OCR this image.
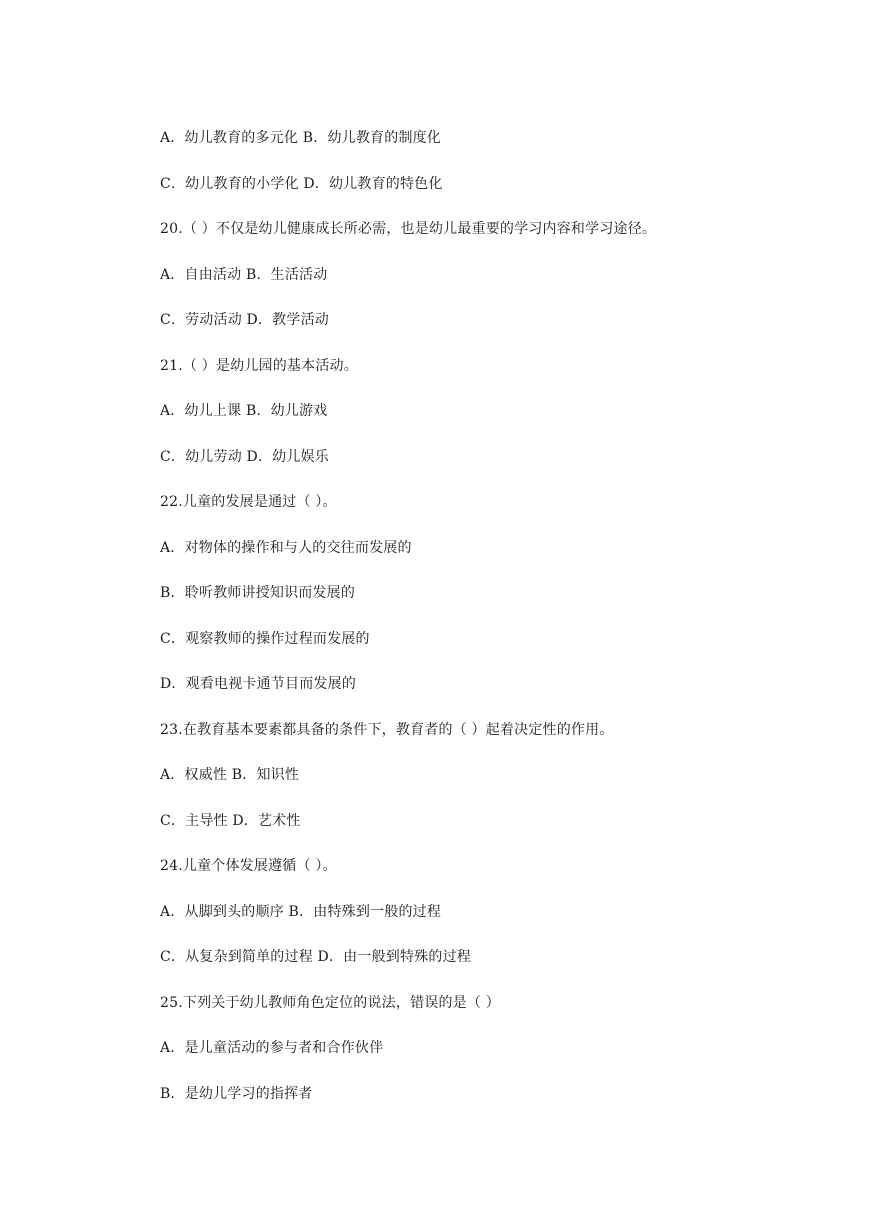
A．幼儿教育的多元化 B．幼儿教育的制度化
C．幼儿教育的小学化 D．幼儿教育的特色化
20.（ ）不仅是幼儿健康成长所必需，也是幼儿最重要的学习内容和学习途径。
A．自由活动 B．生活活动
C．劳动活动 D．教学活动
21.（ ）是幼儿园的基本活动。
A．幼儿上课 B．幼儿游戏
C．幼儿劳动 D．幼儿娱乐
22.儿童的发展是通过（ ）。
A．对物体的操作和与人的交往而发展的
B．聆听教师讲授知识而发展的
C．观察教师的操作过程而发展的
D．观看电视卡通节目而发展的
23.在教育基本要素都具备的条件下，教育者的（ ）起着决定性的作用。
A．权威性 B．知识性
C．主导性 D．艺术性
24.儿童个体发展遵循（ ）。
A．从脚到头的顺序 B．由特殊到一般的过程
C．从复杂到简单的过程 D．由一般到特殊的过程
25.下列关于幼儿教师角色定位的说法，错误的是（ ）
A．是儿童活动的参与者和合作伙伴
B．是幼儿学习的指挥者
